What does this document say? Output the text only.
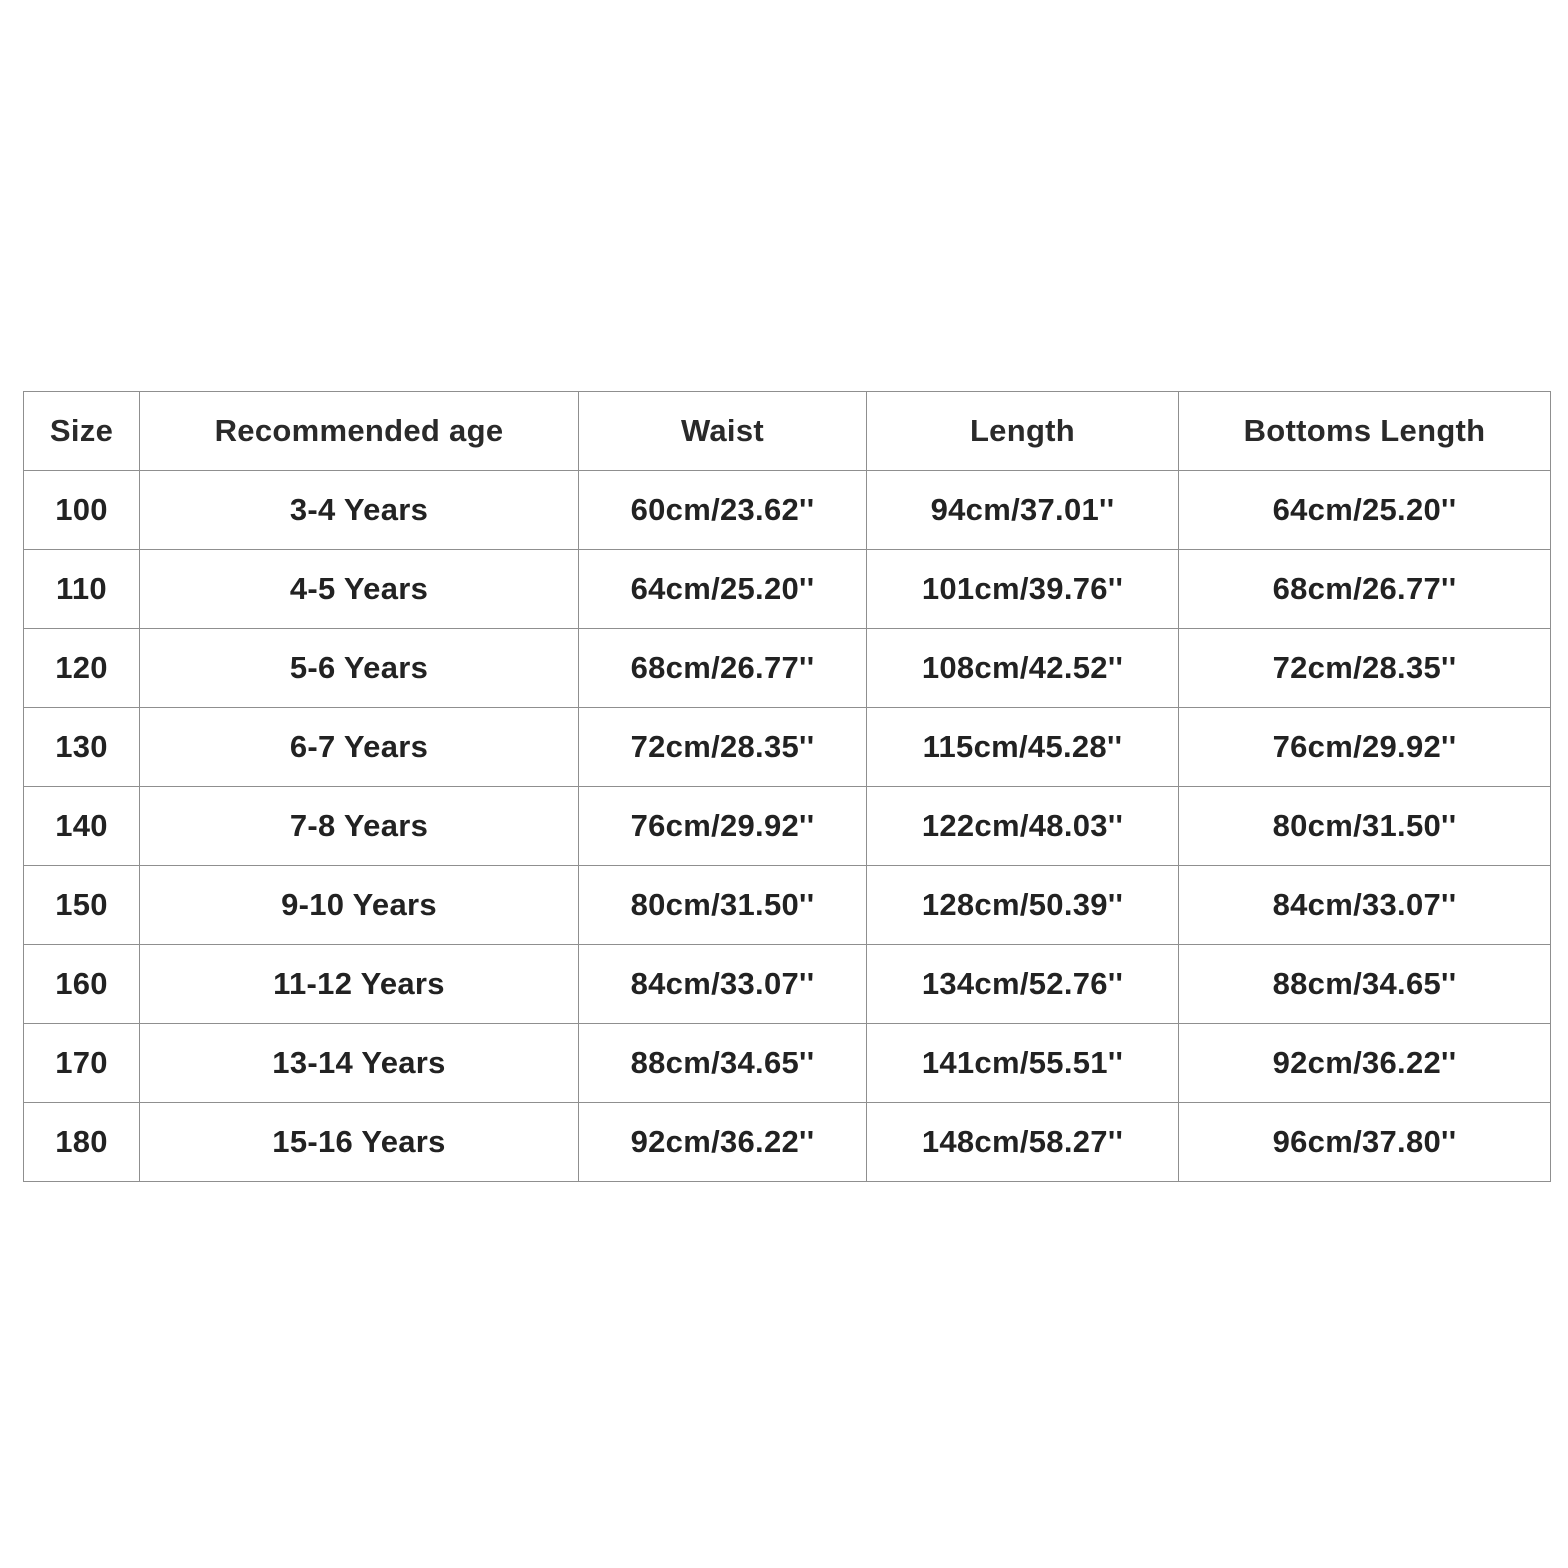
Size	Recommended age	Waist	Length	Bottoms Length
100	3-4 Years	60cm/23.62''	94cm/37.01''	64cm/25.20''
110	4-5 Years	64cm/25.20''	101cm/39.76''	68cm/26.77''
120	5-6 Years	68cm/26.77''	108cm/42.52''	72cm/28.35''
130	6-7 Years	72cm/28.35''	115cm/45.28''	76cm/29.92''
140	7-8 Years	76cm/29.92''	122cm/48.03''	80cm/31.50''
150	9-10 Years	80cm/31.50''	128cm/50.39''	84cm/33.07''
160	11-12 Years	84cm/33.07''	134cm/52.76''	88cm/34.65''
170	13-14 Years	88cm/34.65''	141cm/55.51''	92cm/36.22''
180	15-16 Years	92cm/36.22''	148cm/58.27''	96cm/37.80''
